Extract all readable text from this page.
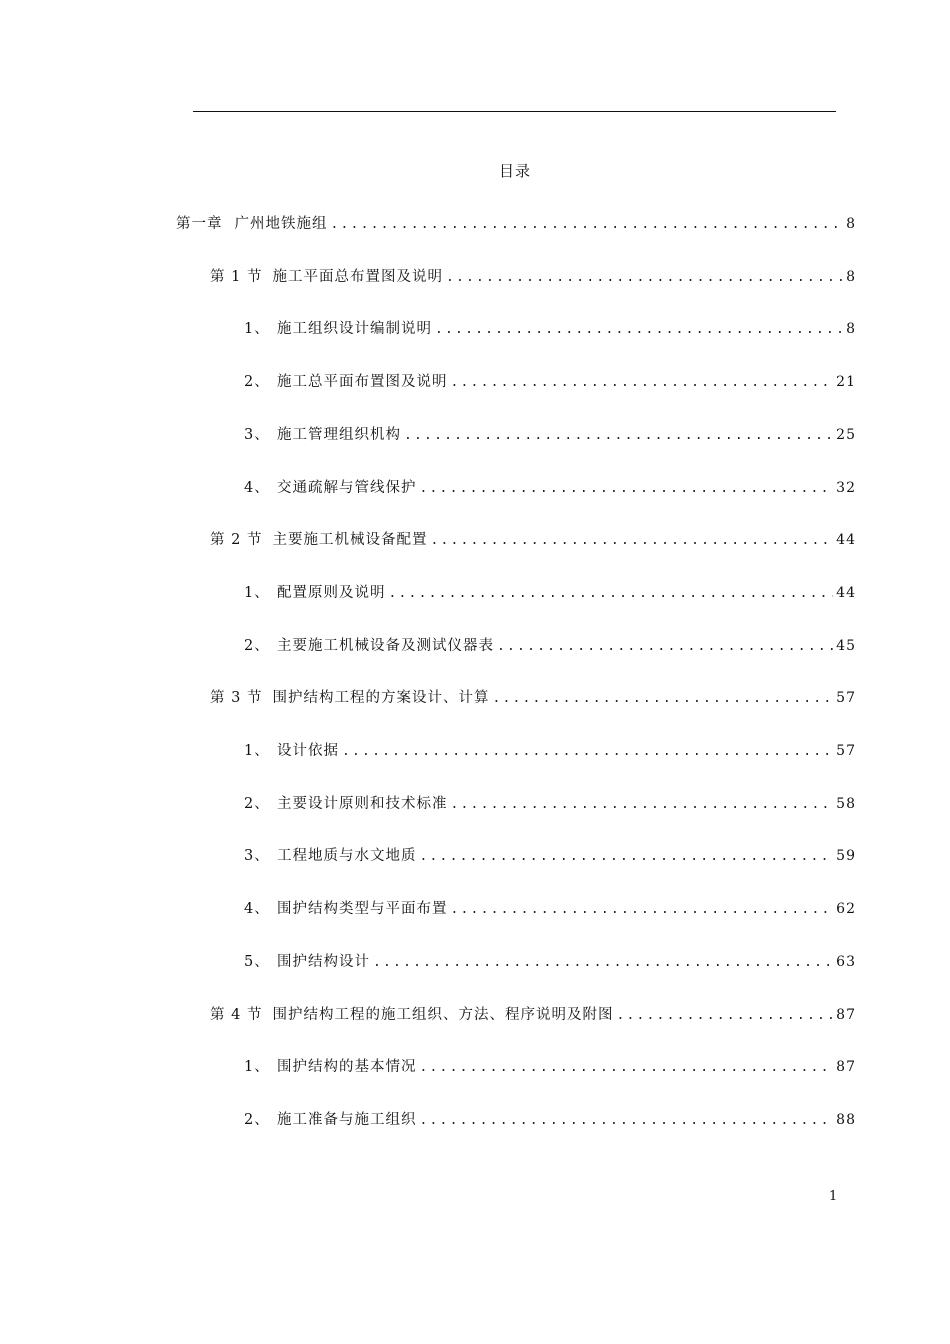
目录
第一章 广州地铁施组 .....	8
第 1 节 施工平面总布置图及说明 .....	8
1、 施工组织设计编制说明 .....	8
2、 施工总平面布置图及说明 .....	21
3、 施工管理组织机构 .....	25
4、 交通疏解与管线保护 .....	32
第 2 节 主要施工机械设备配置 .....	44
1、 配置原则及说明 .....	44
2、 主要施工机械设备及测试仪器表 .....	45
第 3 节 围护结构工程的方案设计、计算 .....	57
1、 设计依据 .....	57
2、 主要设计原则和技术标准 .....	58
3、 工程地质与水文地质 .....	59
4、 围护结构类型与平面布置 .....	62
5、 围护结构设计 .....	63
第 4 节 围护结构工程的施工组织、方法、程序说明及附图 .....	87
1、 围护结构的基本情况 .....	87
2、 施工准备与施工组织 .....	88
1
